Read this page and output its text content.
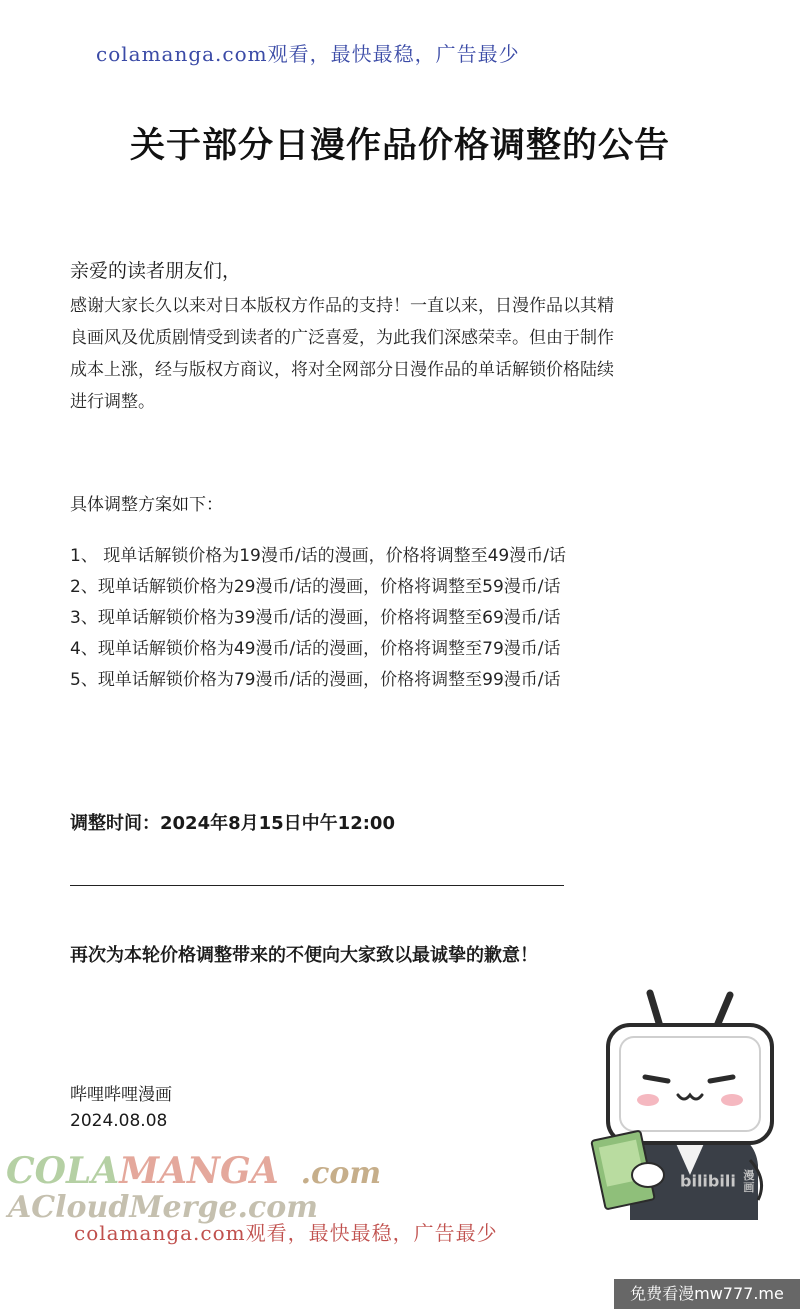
colamanga.com观看，最快最稳，广告最少
关于部分日漫作品价格调整的公告
亲爱的读者朋友们，
感谢大家长久以来对日本版权方作品的支持！一直以来，日漫作品以其精
良画风及优质剧情受到读者的广泛喜爱，为此我们深感荣幸。但由于制作
成本上涨，经与版权方商议，将对全网部分日漫作品的单话解锁价格陆续
进行调整。
具体调整方案如下：
1、 现单话解锁价格为19漫币/话的漫画，价格将调整至49漫币/话
2、现单话解锁价格为29漫币/话的漫画，价格将调整至59漫币/话
3、现单话解锁价格为39漫币/话的漫画，价格将调整至69漫币/话
4、现单话解锁价格为49漫币/话的漫画，价格将调整至79漫币/话
5、现单话解锁价格为79漫币/话的漫画，价格将调整至99漫币/话
调整时间：2024年8月15日中午12:00
再次为本轮价格调整带来的不便向大家致以最诚挚的歉意！
哔哩哔哩漫画
2024.08.08
bilibili 漫
画
COLAMANGA .com
ACloudMerge.com
colamanga.com观看，最快最稳，广告最少
免费看漫mw777.me
